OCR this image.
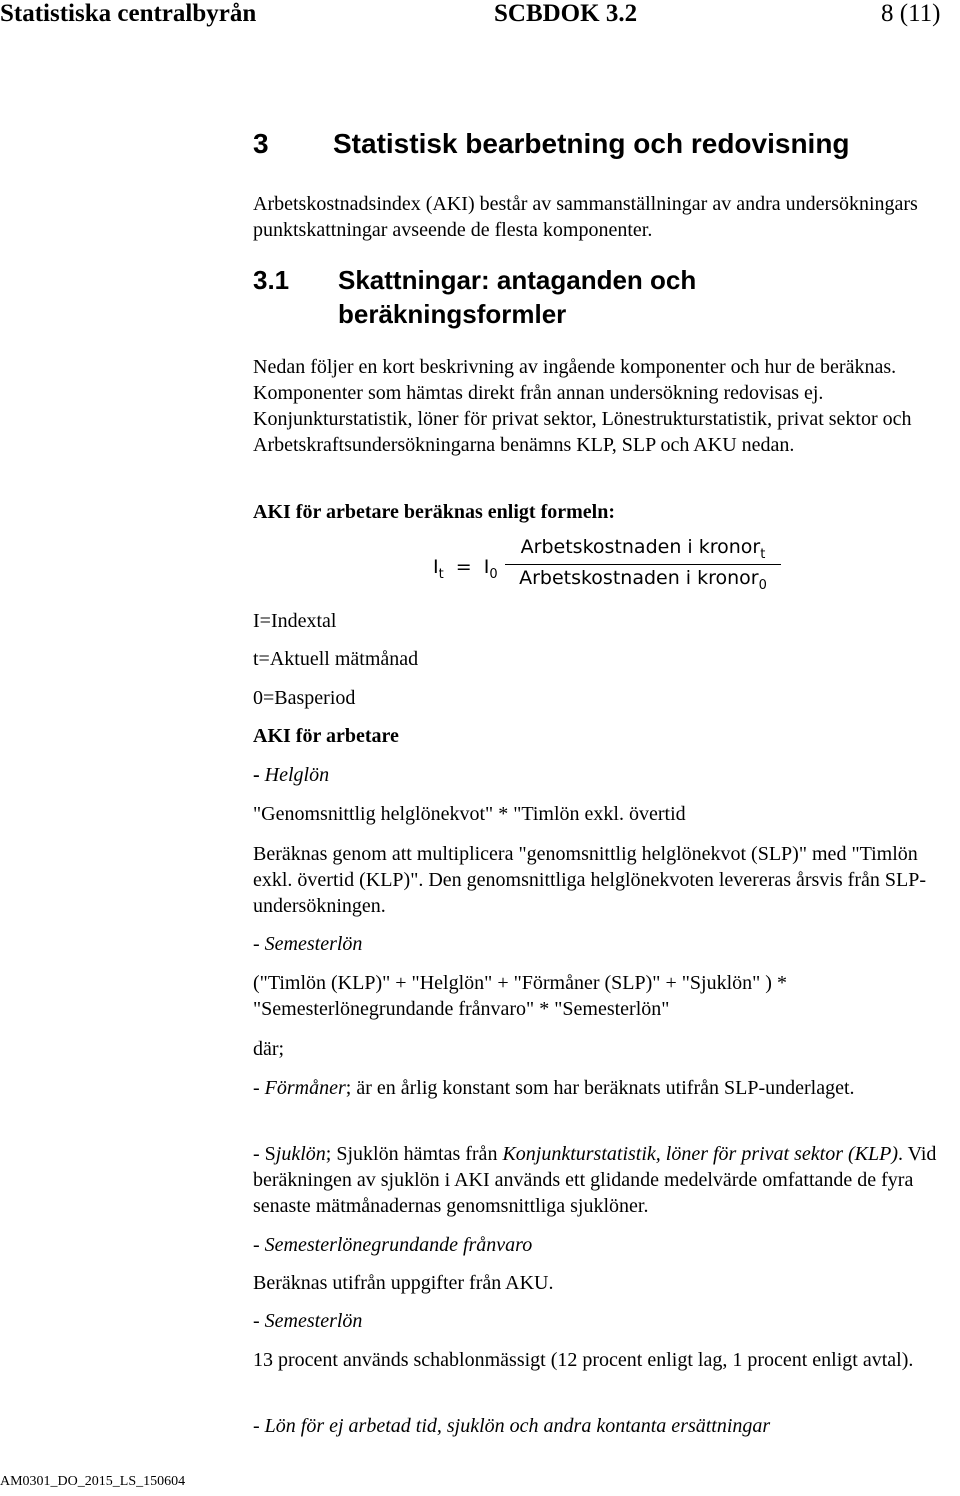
Statistiska centralbyrån	SCBDOK 3.2	8 (11)
3 Statistisk bearbetning och redovisning
Arbetskostnadsindex (AKI) består av sammanställningar av andra undersökningars punktskattningar avseende de flesta komponenter.
3.1 Skattningar: antaganden och beräkningsformler
Nedan följer en kort beskrivning av ingående komponenter och hur de beräknas. Komponenter som hämtas direkt från annan undersökning redovisas ej. Konjunkturstatistik, löner för privat sektor, Lönestrukturstatistik, privat sektor och Arbetskraftsundersökningarna benämns KLP, SLP och AKU nedan.
AKI för arbetare beräknas enligt formeln:
$I_t = I_0$
Arbetskostnaden i kronor$_t$
Arbetskostnaden i kronor$_0$
I=Indextal
t=Aktuell mätmånad
0=Basperiod
AKI för arbetare
- Helglön
"Genomsnittlig helglönekvot" * "Timlön exkl. övertid
Beräknas genom att multiplicera "genomsnittlig helglönekvot (SLP)" med "Timlön exkl. övertid (KLP)". Den genomsnittliga helglönekvoten levereras årsvis från SLP-undersökningen.
- Semesterlön
("Timlön (KLP)" + "Helglön" + "Förmåner (SLP)" + "Sjuklön" ) * "Semesterlönegrundande frånvaro" * "Semesterlön"
där;
- Förmåner; är en årlig konstant som har beräknats utifrån SLP-underlaget.
- Sjuklön; Sjuklön hämtas från Konjunkturstatistik, löner för privat sektor (KLP). Vid beräkningen av sjuklön i AKI används ett glidande medelvärde omfattande de fyra senaste mätmånadernas genomsnittliga sjuklöner.
- Semesterlönegrundande frånvaro
Beräknas utifrån uppgifter från AKU.
- Semesterlön
13 procent används schablonmässigt (12 procent enligt lag, 1 procent enligt avtal).
- Lön för ej arbetad tid, sjuklön och andra kontanta ersättningar
AM0301_DO_2015_LS_150604
